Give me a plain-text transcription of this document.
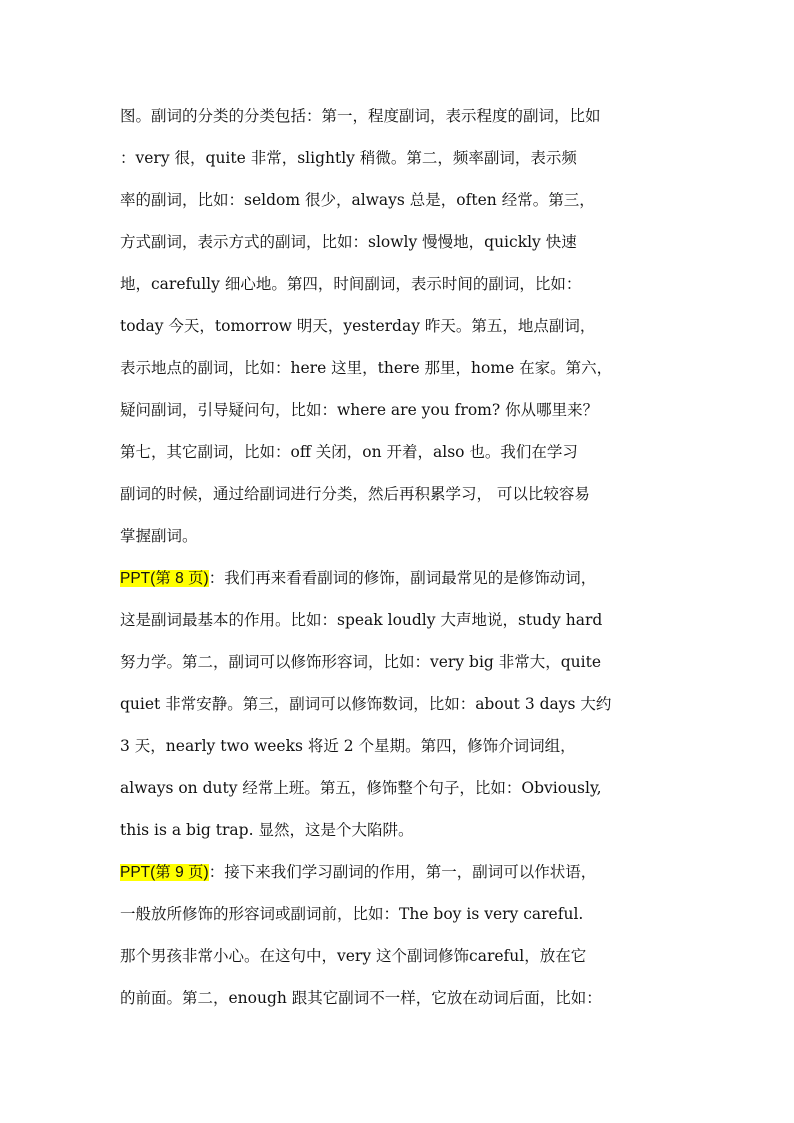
图。副词的分类的分类包括：第一，程度副词，表示程度的副词，比如
：very 很，quite 非常，slightly 稍微。第二，频率副词，表示频
率的副词，比如：seldom 很少，always 总是，often 经常。第三，
方式副词，表示方式的副词，比如：slowly 慢慢地，quickly 快速
地，carefully 细心地。第四，时间副词，表示时间的副词，比如：
today 今天，tomorrow 明天，yesterday 昨天。第五，地点副词，
表示地点的副词，比如：here 这里，there 那里，home 在家。第六，
疑问副词，引导疑问句，比如：where are you from? 你从哪里来？
第七，其它副词，比如：off 关闭，on 开着，also 也。我们在学习
副词的时候，通过给副词进行分类，然后再积累学习， 可以比较容易
掌握副词。
PPT(第 8 页)：我们再来看看副词的修饰，副词最常见的是修饰动词，
这是副词最基本的作用。比如：speak loudly 大声地说，study hard
努力学。第二，副词可以修饰形容词，比如：very big 非常大，quite
quiet 非常安静。第三，副词可以修饰数词，比如：about 3 days 大约
3 天，nearly two weeks 将近 2 个星期。第四，修饰介词词组，
always on duty 经常上班。第五，修饰整个句子，比如：Obviously,
this is a big trap. 显然，这是个大陷阱。
PPT(第 9 页)：接下来我们学习副词的作用，第一，副词可以作状语，
一般放所修饰的形容词或副词前，比如：The boy is very careful.
那个男孩非常小心。在这句中，very 这个副词修饰careful，放在它
的前面。第二，enough 跟其它副词不一样，它放在动词后面，比如：
